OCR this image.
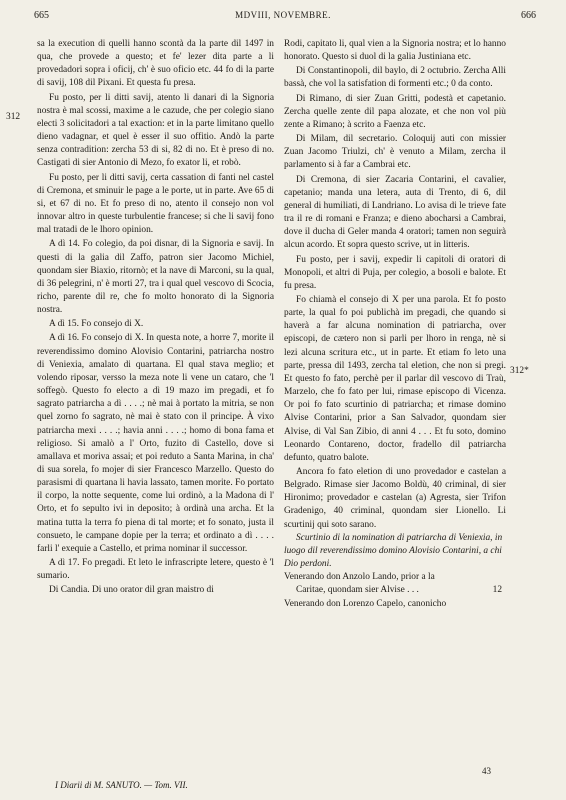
665	MDVIII, NOVEMBRE.	666
312
312*

sa la execution di quelli hanno scontà da la parte dil 1497 in qua, che provede a questo; et fe' lezer dita parte a li provedadori sopra i oficij, ch' è suo oficio etc. 44 fo di la parte di savij, 108 dil Pixani. Et questa fu presa.

Fu posto, per li ditti savij, atento li danari di la Signoria nostra è mal scossi, maxime a le cazude, che per colegio siano electi 3 solicitadori a tal exaction: et in la parte limitano quello dieno vadagnar, et quel è esser il suo offitio. Andò la parte senza contradition: zercha 53 di si, 82 di no. Et è preso di no. Castigati di sier Antonio di Mezo, fo exator li, et robò.

Fu posto, per li ditti savij, certa cassation di fanti nel castel di Cremona, et sminuir le page a le porte, ut in parte. Ave 65 di si, et 67 di no. Et fo preso di no, atento il consejo non vol innovar altro in queste turbulentie francese; si che li savij fono mal tratadi de le lhoro opinion.

A dì 14. Fo colegio, da poi disnar, di la Signoria e savij. In questi di la galia dil Zaffo, patron sier Jacomo Michiel, quondam sier Biaxio, ritornò; et la nave di Marconi, su la qual, di 36 pelegrini, n' è morti 27, tra i qual quel vescovo di Scocia, richo, parente dil re, che fo molto honorato di la Signoria nostra.

A dì 15. Fo consejo di X.

A dì 16. Fo consejo di X. In questa note, a horre 7, morite il reverendissimo domino Alovisio Contarini, patriarcha nostro di Veniexia, amalato di quartana. El qual stava meglio; et volendo riposar, versso la meza note li vene un cataro, che 'l soffegò. Questo fo electo a dì 19 mazo im pregadi, et fo sagrato patriarcha a dì . . . .; nè mai à portato la mitria, se non quel zorno fo sagrato, nè mai è stato con il principe. À vixo patriarcha mexi . . . .; havia anni . . . .; homo di bona fama et religioso. Si amalò a l' Orto, fuzito di Castello, dove si amallava et moriva assai; et poi reduto a Santa Marina, in cha' di sua sorela, fo mojer di sier Francesco Marzello. Questo do parasismi di quartana li havia lassato, tamen morite. Fo portato il corpo, la notte sequente, come lui ordinò, a la Madona di l' Orto, et fo sepulto ivi in deposito; à ordinà una archa. Et la matina tutta la terra fo piena di tal morte; et fo sonato, justa il consueto, le campane dopie per la terra; et ordinato a dì . . . . farli l' exequie a Castello, et prima nominar il successor.

A dì 17. Fo pregadi. Et leto le infrascripte letere, questo è 'l sumario.

Di Candia. Di uno orator dil gran maistro di

Rodi, capitato li, qual vien a la Signoria nostra; et lo hanno honorato. Questo si duol di la galia Justiniana etc.

Di Constantinopoli, dil baylo, di 2 octubrio. Zercha Alli bassà, che vol la satisfation di formenti etc.; 0 da conto.

Di Rimano, di sier Zuan Gritti, podestà et capetanio. Zercha quelle zente dil papa alozate, et che non vol più zente a Rimano; à scrito a Faenza etc.

Di Milam, dil secretario. Coloquij auti con missier Zuan Jacomo Triulzi, ch' è venuto a Milam, zercha il parlamento si à far a Cambrai etc.

Di Cremona, di sier Zacaria Contarini, el cavalier, capetanio; manda una letera, auta di Trento, di 6, dil general di humiliati, di Landriano. Lo avisa di le trieve fate tra il re di romani e Franza; e dieno abocharsi a Cambrai, dove il ducha di Geler manda 4 oratori; tamen non seguirà alcun acordo. Et sopra questo scrive, ut in litteris.

Fu posto, per i savij, expedir li capitoli di oratori di Monopoli, et altri di Puja, per colegio, a bosoli e balote. Et fu presa.

Fo chiamà el consejo di X per una parola. Et fo posto parte, la qual fo poi publichà im pregadi, che quando si haverà a far alcuna nomination di patriarcha, over episcopi, de cætero non si parli per lhoro in renga, nè si lezi alcuna scritura etc., ut in parte. Et etiam fo leto una parte, pressa dil 1493, zercha tal eletion, che non si pregi. Et questo fo fato, perchè per il parlar dil vescovo di Traù, Marzelo, che fo fato per lui, rimase episcopo di Vicenza. Or poi fo fato scurtinio di patriarcha; et rimase domino Alvise Contarini, prior a San Salvador, quondam sier Alvise, di Val San Zibio, di anni 4 . . . Et fu soto, domino Leonardo Contareno, doctor, fradello dil patriarcha defunto, quatro balote.

Ancora fo fato eletion di uno provedador e castelan a Belgrado. Rimase sier Jacomo Boldù, 40 criminal, di sier Hironimo; provedador e castelan (a) Agresta, sier Trifon Gradenigo, 40 criminal, quondam sier Lionello. Li scurtinij qui soto sarano.

Scurtinio di la nomination di patriarcha di Veniexia, in luogo dil reverendissimo domino Alovisio Contarini, a chi Dio perdoni.

Venerando don Anzolo Lando, prior a la
Caritae, quondam sier Alvise . . .	12
Venerando don Lorenzo Capelo, canonicho
I Diarii di M. SANUTO. — Tom. VII.
43
